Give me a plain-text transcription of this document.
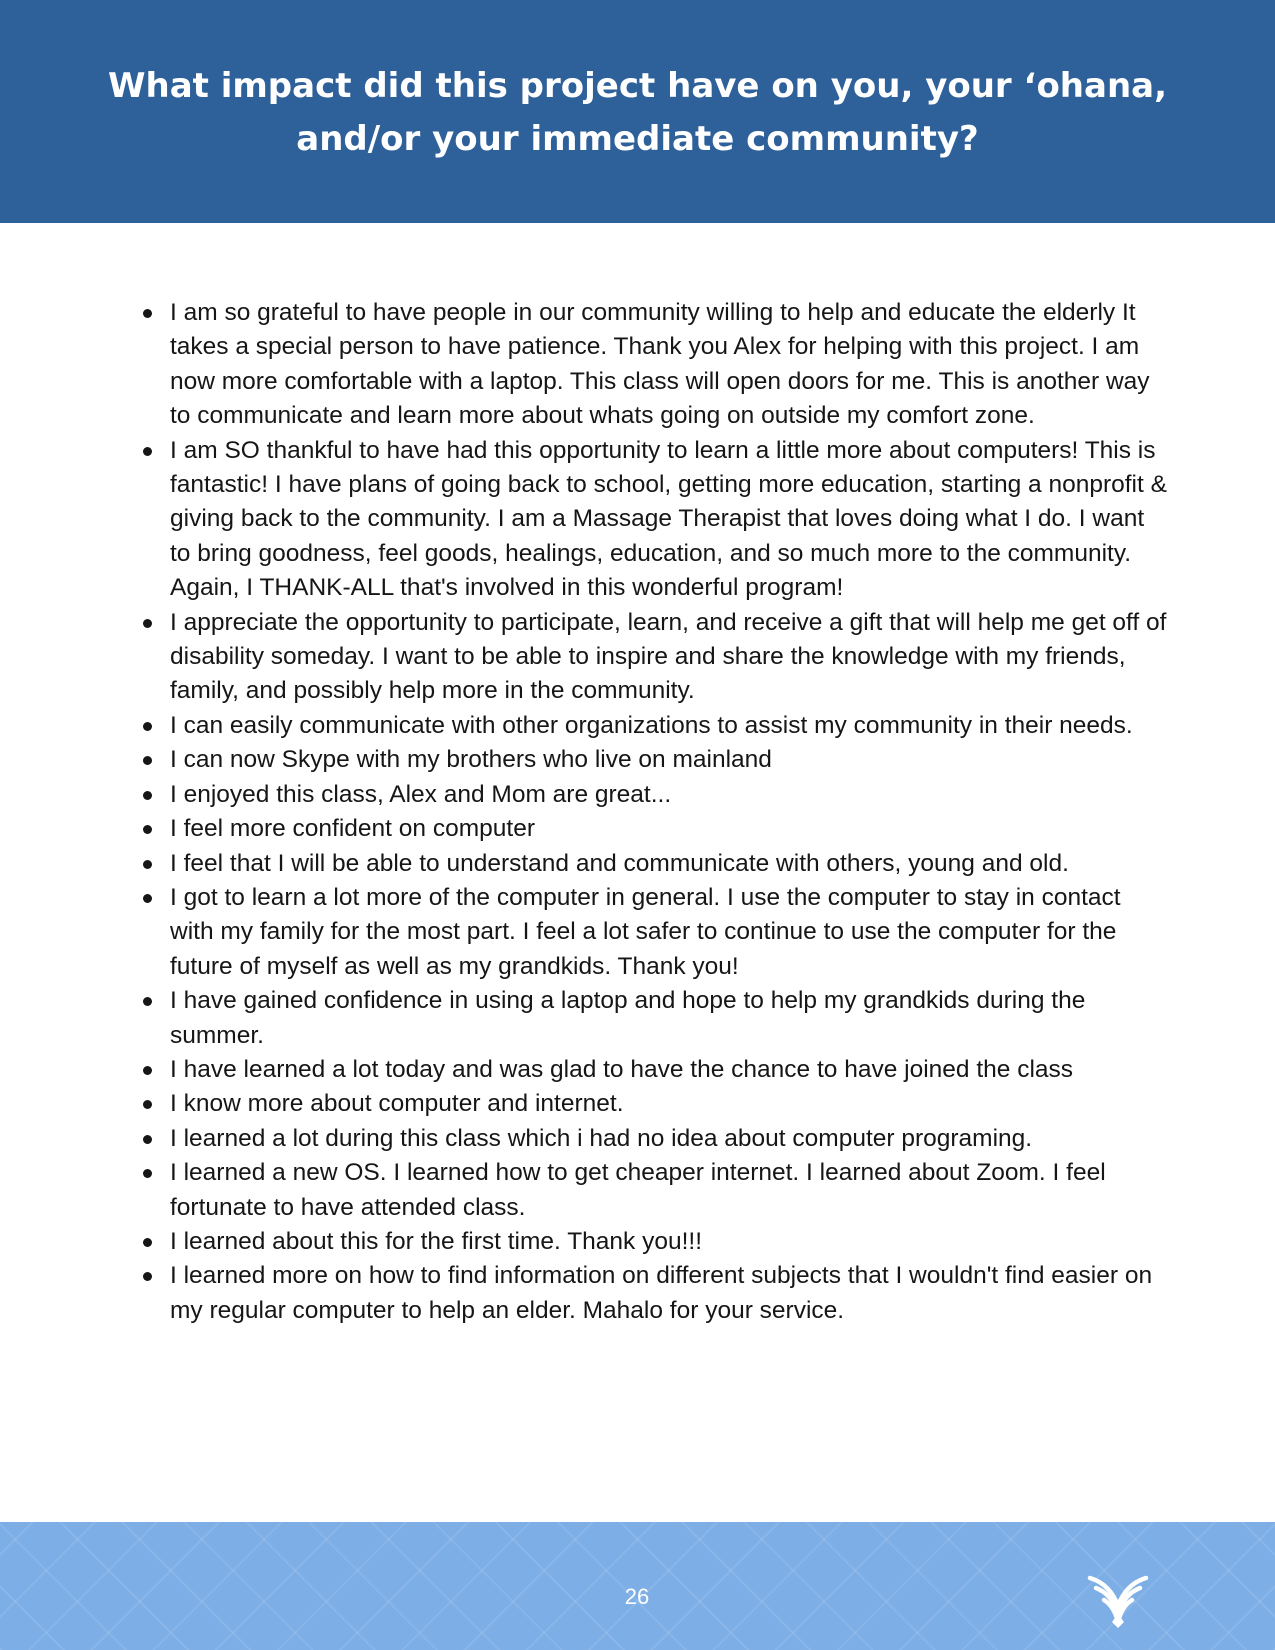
What impact did this project have on you, your ‘ohana, and/or your immediate community?
I am so grateful to have people in our community willing to help and educate the elderly It takes a special person to have patience. Thank you Alex for helping with this project. I am now more comfortable with a laptop. This class will open doors for me. This is another way to communicate and learn more about whats going on outside my comfort zone.
I am SO thankful to have had this opportunity to learn a little more about computers! This is fantastic! I have plans of going back to school, getting more education, starting a nonprofit & giving back to the community. I am a Massage Therapist that loves doing what I do. I want to bring goodness, feel goods, healings, education, and so much more to the community. Again, I THANK-ALL that's involved in this wonderful program!
I appreciate the opportunity to participate, learn, and receive a gift that will help me get off of disability someday. I want to be able to inspire and share the knowledge with my friends, family, and possibly help more in the community.
I can easily communicate with other organizations to assist my community in their needs.
I can now Skype with my brothers who live on mainland
I enjoyed this class, Alex and Mom are great...
I feel more confident on computer
I feel that I will be able to understand and communicate with others, young and old.
I got to learn a lot more of the computer in general. I use the computer to stay in contact with my family for the most part. I feel a lot safer to continue to use the computer for the future of myself as well as my grandkids. Thank you!
I have gained confidence in using a laptop and hope to help my grandkids during the summer.
I have learned a lot today and was glad to have the chance to have joined the class
I know more about computer and internet.
I learned a lot during this class which i had no idea about computer programing.
I learned a new OS. I learned how to get cheaper internet. I learned about Zoom. I feel fortunate to have attended class.
I learned about this for the first time. Thank you!!!
I learned more on how to find information on different subjects that I wouldn't find easier on my regular computer to help an elder. Mahalo for your service.
26
